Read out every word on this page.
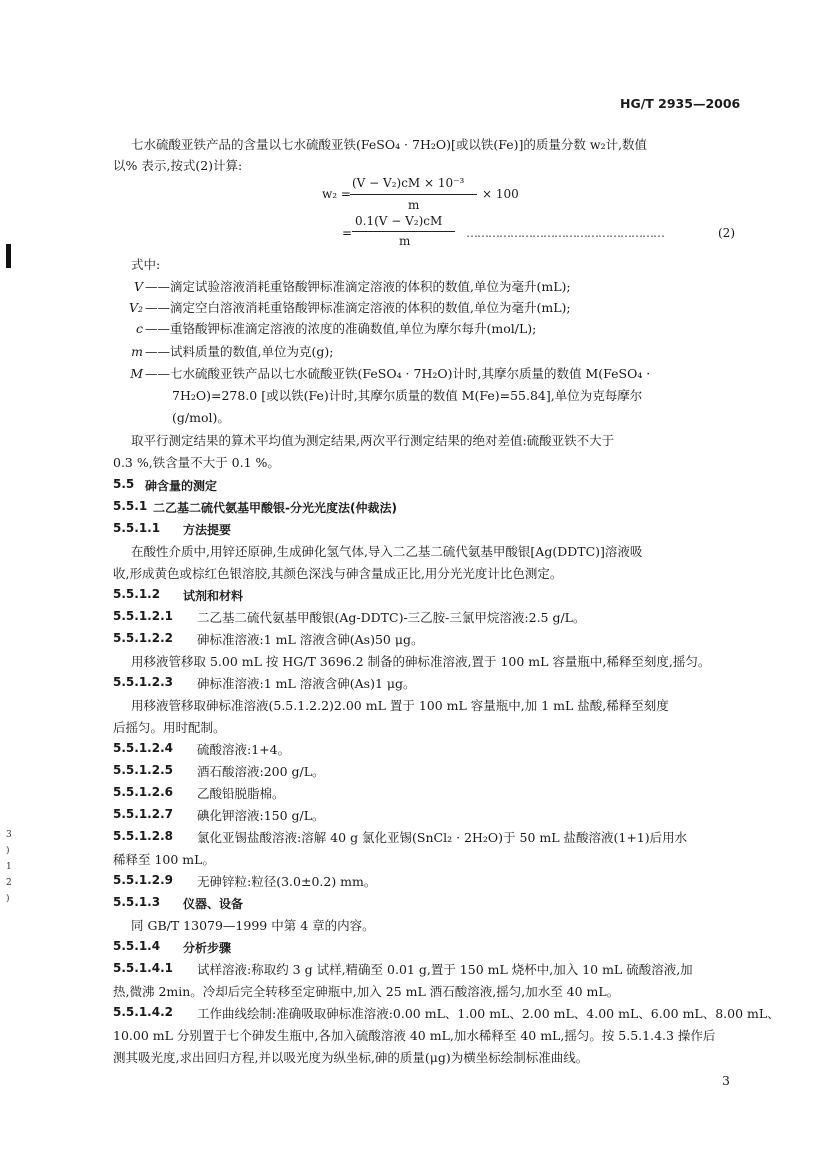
HG/T 2935—2006
七水硫酸亚铁产品的含量以七水硫酸亚铁(FeSO₄ · 7H₂O)[或以铁(Fe)]的质量分数 w₂计,数值
以% 表示,按式(2)计算:
w₂ =
(V − V₂)cM × 10⁻³
m
× 100
=
0.1(V − V₂)cM
m
………………………………………………	(2)
式中:
V ——滴定试验溶液消耗重铬酸钾标准滴定溶液的体积的数值,单位为毫升(mL);
V₂ ——滴定空白溶液消耗重铬酸钾标准滴定溶液的体积的数值,单位为毫升(mL);
c ——重铬酸钾标准滴定溶液的浓度的准确数值,单位为摩尔每升(mol/L);
m ——试料质量的数值,单位为克(g);
M ——七水硫酸亚铁产品以七水硫酸亚铁(FeSO₄ · 7H₂O)计时,其摩尔质量的数值 M(FeSO₄ ·
7H₂O)=278.0 [或以铁(Fe)计时,其摩尔质量的数值 M(Fe)=55.84],单位为克每摩尔
(g/mol)。
取平行测定结果的算术平均值为测定结果,两次平行测定结果的绝对差值:硫酸亚铁不大于
0.3 %,铁含量不大于 0.1 %。
5.5 砷含量的测定
5.5.1 二乙基二硫代氨基甲酸银-分光光度法(仲裁法)
5.5.1.1 方法提要
在酸性介质中,用锌还原砷,生成砷化氢气体,导入二乙基二硫代氨基甲酸银[Ag(DDTC)]溶液吸
收,形成黄色或棕红色银溶胶,其颜色深浅与砷含量成正比,用分光光度计比色测定。
5.5.1.2 试剂和材料
5.5.1.2.1 二乙基二硫代氨基甲酸银(Ag-DDTC)-三乙胺-三氯甲烷溶液:2.5 g/L。
5.5.1.2.2 砷标准溶液:1 mL 溶液含砷(As)50 μg。
用移液管移取 5.00 mL 按 HG/T 3696.2 制备的砷标准溶液,置于 100 mL 容量瓶中,稀释至刻度,摇匀。
5.5.1.2.3 砷标准溶液:1 mL 溶液含砷(As)1 μg。
用移液管移取砷标准溶液(5.5.1.2.2)2.00 mL 置于 100 mL 容量瓶中,加 1 mL 盐酸,稀释至刻度
后摇匀。用时配制。
5.5.1.2.4 硫酸溶液:1+4。
5.5.1.2.5 酒石酸溶液:200 g/L。
5.5.1.2.6 乙酸铅脱脂棉。
5.5.1.2.7 碘化钾溶液:150 g/L。
5.5.1.2.8 氯化亚锡盐酸溶液:溶解 40 g 氯化亚锡(SnCl₂ · 2H₂O)于 50 mL 盐酸溶液(1+1)后用水
稀释至 100 mL。
5.5.1.2.9 无砷锌粒:粒径(3.0±0.2) mm。
5.5.1.3 仪器、设备
同 GB/T 13079—1999 中第 4 章的内容。
5.5.1.4 分析步骤
5.5.1.4.1 试样溶液:称取约 3 g 试样,精确至 0.01 g,置于 150 mL 烧杯中,加入 10 mL 硫酸溶液,加
热,微沸 2min。冷却后完全转移至定砷瓶中,加入 25 mL 酒石酸溶液,摇匀,加水至 40 mL。
5.5.1.4.2 工作曲线绘制:准确吸取砷标准溶液:0.00 mL、1.00 mL、2.00 mL、4.00 mL、6.00 mL、8.00 mL、
10.00 mL 分别置于七个砷发生瓶中,各加入硫酸溶液 40 mL,加水稀释至 40 mL,摇匀。按 5.5.1.4.3 操作后
测其吸光度,求出回归方程,并以吸光度为纵坐标,砷的质量(μg)为横坐标绘制标准曲线。
3
3
)
1
2
)
